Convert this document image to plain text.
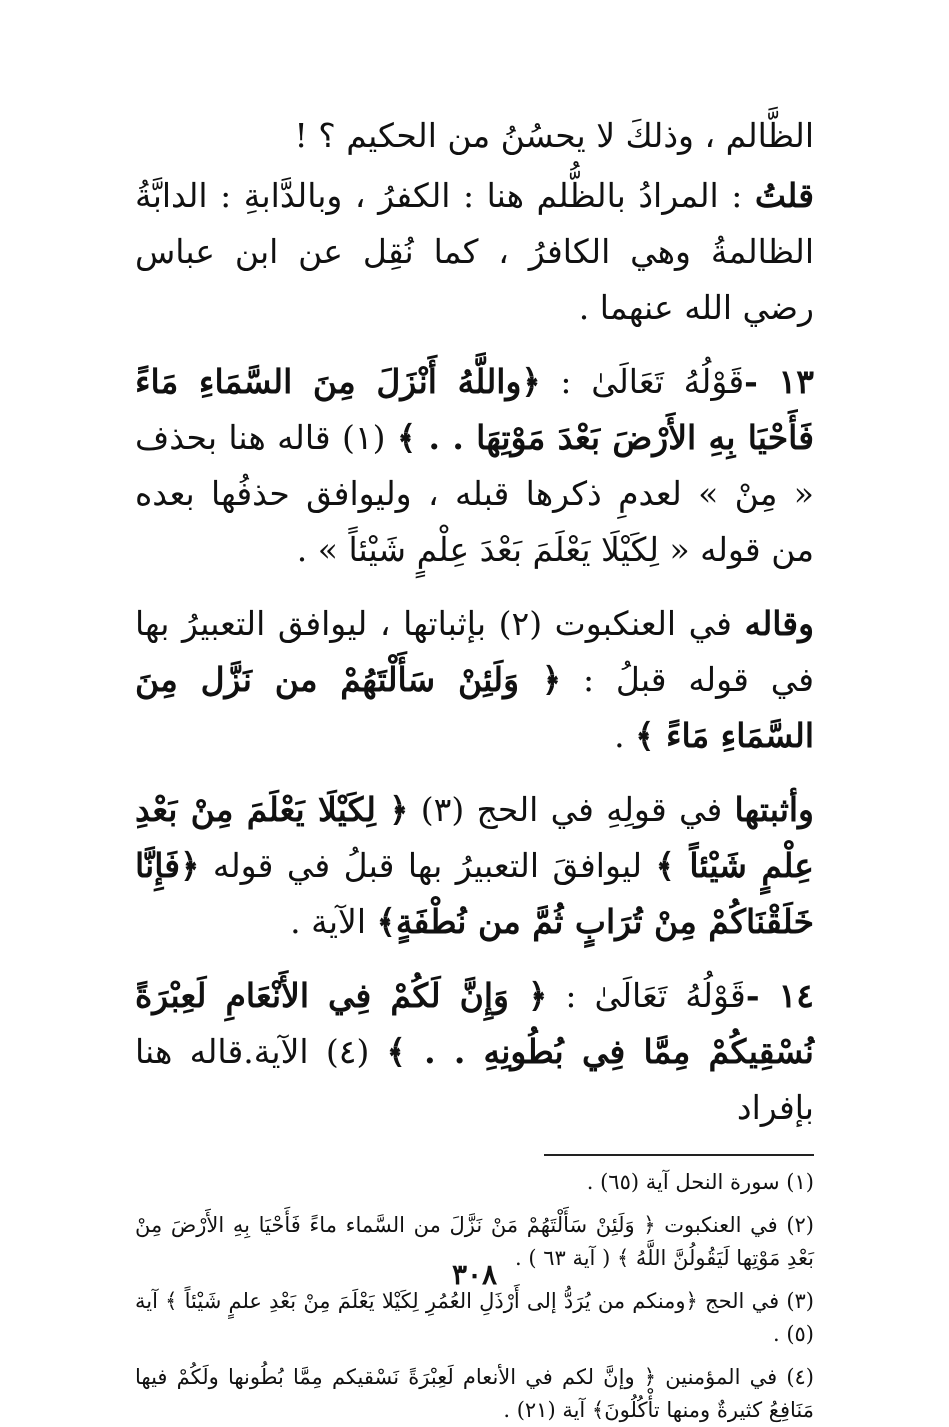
الظَّالم ، وذلكَ لا يحسُنُ من الحكيم ؟ !

قلتُ : المرادُ بالظُّلم هنا : الكفرُ ، وبالدَّابةِ : الدابَّةُ الظالمةُ وهي الكافرُ ، كما نُقِل عن ابن عباس رضي الله عنهما .

١٣ -قَوْلُهُ تَعَالَىٰ : ﴿واللَّهُ أَنْزَلَ مِنَ السَّمَاءِ مَاءً فَأَحْيَا بِهِ الأَرْضَ بَعْدَ مَوْتِهَا . . ﴾ (١) قاله هنا بحذف « مِنْ » لعدمِ ذكرها قبله ، وليوافق حذفُها بعده من قوله « لِكَيْلَا يَعْلَمَ بَعْدَ عِلْمٍ شَيْئاً » .

وقاله في العنكبوت (٢) بإثباتها ، ليوافق التعبيرُ بها في قوله قبلُ : ﴿ وَلَئِنْ سَأَلْتَهُمْ من نَزَّل مِنَ السَّمَاءِ مَاءً ﴾ .

وأثبتها في قولِهِ في الحج (٣) ﴿ لِكَيْلَا يَعْلَمَ مِنْ بَعْدِ عِلْمٍ شَيْئاً ﴾ ليوافقَ التعبيرُ بها قبلُ في قوله ﴿فَإِنَّا خَلَقْنَاكُمْ مِنْ تُرَابٍ ثُمَّ من نُطْفَةٍ﴾ الآية .

١٤ -قَوْلُهُ تَعَالَىٰ : ﴿ وَإِنَّ لَكُمْ فِي الأَنْعَامِ لَعِبْرَةً نُسْقِيكُمْ مِمَّا فِي بُطُونِهِ . . ﴾ (٤) الآية.قاله هنا بإفراد

(١) سورة النحل آية (٦٥) .

(٢) في العنكبوت ﴿ وَلَئِنْ سَأَلْتَهُمْ مَنْ نَزَّلَ من السَّماء ماءً فَأَحْيَا بِهِ الأَرْضَ مِنْ بَعْدِ مَوْتِها لَيَقُولُنَّ اللَّهُ ﴾ ( آية ٦٣ ) .

(٣) في الحج ﴿ومنكم من يُرَدُّ إلى أَرْذَلِ العُمُرِ لِكَيْلا يَعْلَمَ مِنْ بَعْدِ علمٍ شَيْئاً ﴾ آية (٥) .

(٤) في المؤمنين ﴿ وإنَّ لكم في الأنعام لَعِبْرَةً نَسْقيكم مِمَّا بُطُونها ولَكُمْ فيها مَنَافِعُ كثيرةٌ ومنها تأْكُلُونَ﴾ آية (٢١) .

٣٠٨
